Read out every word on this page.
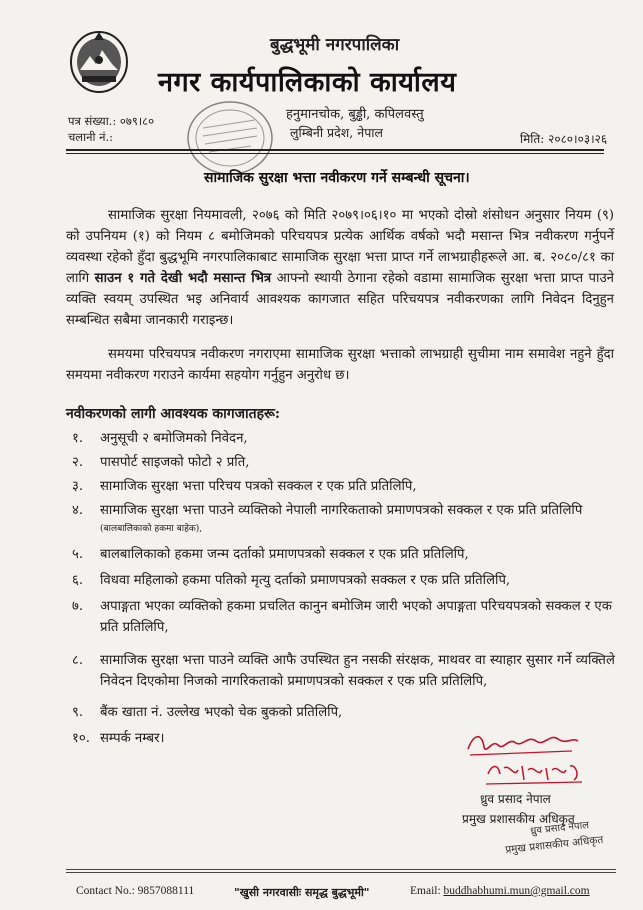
बुद्धभूमी नगरपालिका
नगर कार्यपालिकाको कार्यालय
हनुमानचोक, बुड्ढी, कपिलवस्तु
लुम्बिनी प्रदेश, नेपाल
पत्र संख्या.: ०७९।८०
चलानी नं.:	मिति: २०८०।०३।२६
सामाजिक सुरक्षा भत्ता नवीकरण गर्ने सम्बन्धी सूचना।
सामाजिक सुरक्षा नियमावली, २०७६ को मिति २०७९।०६।१० मा भएको दोस्रो शंसोधन अनुसार नियम (९) को उपनियम (१) को नियम ८ बमोजिमको परिचयपत्र प्रत्येक आर्थिक वर्षको भदौ मसान्त भित्र नवीकरण गर्नुपर्ने व्यवस्था रहेको हुँदा बुद्धभूमि नगरपालिकाबाट सामाजिक सुरक्षा भत्ता प्राप्त गर्ने लाभग्राहीहरूले आ. ब. २०८०/८१ का लागि साउन १ गते देखी भदौ मसान्त भित्र आफ्नो स्थायी ठेगाना रहेको वडामा सामाजिक सुरक्षा भत्ता प्राप्त पाउने व्यक्ति स्वयम् उपस्थित भइ अनिवार्य आवश्यक कागजात सहित परिचयपत्र नवीकरणका लागि निवेदन दिनुहुन सम्बन्धित सबैमा जानकारी गराइन्छ।
समयमा परिचयपत्र नवीकरण नगराएमा सामाजिक सुरक्षा भत्ताको लाभग्राही सुचीमा नाम समावेश नहुने हुँदा समयमा नवीकरण गराउने कार्यमा सहयोग गर्नुहुन अनुरोध छ।
नवीकरणको लागी आवश्यक कागजातहरू:
१.	अनुसूची २ बमोजिमको निवेदन,
२.	पासपोर्ट साइजको फोटो २ प्रति,
३.	सामाजिक सुरक्षा भत्ता परिचय पत्रको सक्कल र एक प्रति प्रतिलिपि,
४.	सामाजिक सुरक्षा भत्ता पाउने व्यक्तिको नेपाली नागरिकताको प्रमाणपत्रको सक्कल र एक प्रति प्रतिलिपि
(बालबालिकाको हकमा बाहेक),
५.	बालबालिकाको हकमा जन्म दर्ताको प्रमाणपत्रको सक्कल र एक प्रति प्रतिलिपि,
६.	विधवा महिलाको हकमा पतिको मृत्यु दर्ताको प्रमाणपत्रको सक्कल र एक प्रति प्रतिलिपि,
७.	अपाङ्गता भएका व्यक्तिको हकमा प्रचलित कानुन बमोजिम जारी भएको अपाङ्गता परिचयपत्रको सक्कल र एक प्रति प्रतिलिपि,
८.	सामाजिक सुरक्षा भत्ता पाउने व्यक्ति आफै उपस्थित हुन नसकी संरक्षक, माथवर वा स्याहार सुसार गर्ने व्यक्तिले निवेदन दिएकोमा निजको नागरिकताको प्रमाणपत्रको सक्कल र एक प्रति प्रतिलिपि,
९.	बैंक खाता नं. उल्लेख भएको चेक बुकको प्रतिलिपि,
१०. सम्पर्क नम्बर।
ध्रुव प्रसाद नेपाल
प्रमुख प्रशासकीय अधिकृत
ध्रुव प्रसाद नेपाल
प्रमुख प्रशासकीय अधिकृत
Contact No.: 9857088111	"खुसी नगरवासीः समृद्ध बुद्धभूमी"	Email: buddhabhumi.mun@gmail.com
